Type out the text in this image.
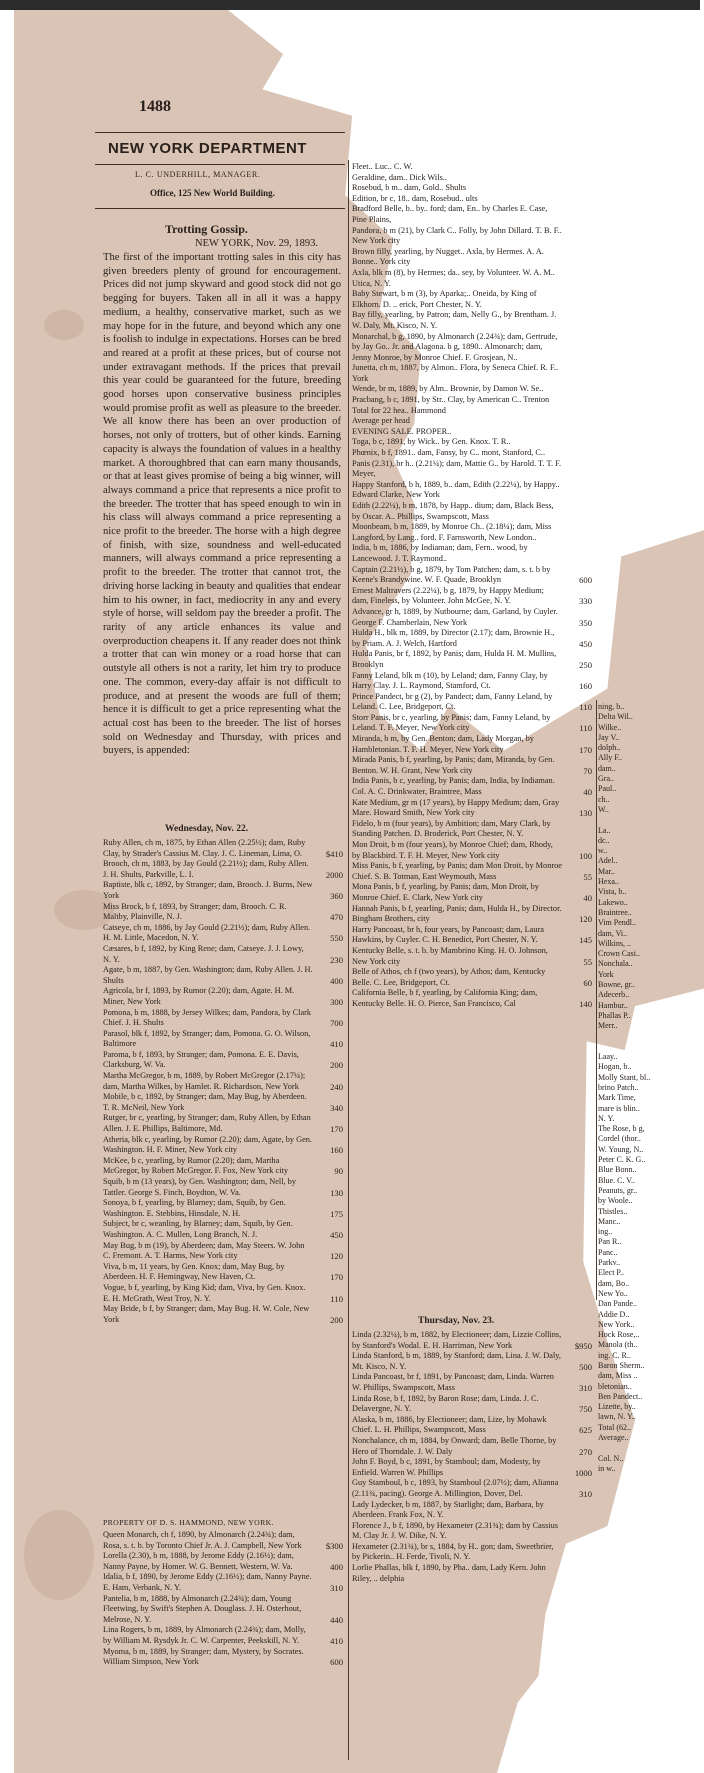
1488
NEW YORK DEPARTMENT
L. C. UNDERHILL, MANAGER.
Office, 125 New World Building.
Trotting Gossip.
NEW YORK, Nov. 29, 1893.

The first of the important trotting sales in this city has given breeders plenty of ground for encouragement. Prices did not jump skyward and good stock did not go begging for buyers. Taken all in all it was a happy medium, a healthy, conservative market, such as we may hope for in the future, and beyond which any one is foolish to indulge in expectations. Horses can be bred and reared at a profit at these prices, but of course not under extravagant methods. If the prices that prevail this year could be guaranteed for the future, breeding good horses upon conservative business principles would promise profit as well as pleasure to the breeder. We all know there has been an over production of horses, not only of trotters, but of other kinds. Earning capacity is always the foundation of values in a healthy market. A thoroughbred that can earn many thousands, or that at least gives promise of being a big winner, will always command a price that represents a nice profit to the breeder. The trotter that has speed enough to win in his class will always command a price representing a nice profit to the breeder. The horse with a high degree of finish, with size, soundness and well-educated manners, will always command a price representing a profit to the breeder. The trotter that cannot trot, the driving horse lacking in beauty and qualities that endear him to his owner, in fact, mediocrity in any and every style of horse, will seldom pay the breeder a profit. The rarity of any article enhances its value and overproduction cheapens it. If any reader does not think a trotter that can win money or a road horse that can outstyle all others is not a rarity, let him try to produce one. The common, every-day affair is not difficult to produce, and at present the woods are full of them; hence it is difficult to get a price representing what the actual cost has been to the breeder. The list of horses sold on Wednesday and Thursday, with prices and buyers, is appended:

Wednesday, Nov. 22.
Ruby Allen, ch m, 1875, by Ethan Allen (2.25½); dam, Ruby Clay, by Strader's Cassius M. Clay. J. C. Lineman, Lima, O.	$410
Brooch, ch m, 1883, by Jay Gould (2.21½); dam, Ruby Allen. J. H. Shults, Parkville, L. I.	2000
Baptiste, blk c, 1892, by Stranger; dam, Brooch. J. Burns, New York	360
Miss Brock, b f, 1893, by Stranger; dam, Brooch. C. R. Maltby, Plainville, N. J.	470
Catseye, ch m, 1886, by Jay Gould (2.21½); dam, Ruby Allen. H. M. Little, Macedon, N. Y.	550
Cæsares, b f, 1892, by King Rene; dam, Catseye. J. J. Lowy, N. Y.	230
Agate, b m, 1887, by Gen. Washington; dam, Ruby Allen. J. H. Shults	400
Agricola, br f, 1893, by Rumor (2.20); dam, Agate. H. M. Miner, New York	300
Pomona, b m, 1888, by Jersey Wilkes; dam, Pandora, by Clark Chief. J. H. Shults	700
Parasol, blk f, 1892, by Stranger; dam, Pomona. G. O. Wilson, Baltimore	410
Paroma, b f, 1893, by Stranger; dam, Pomona. E. E. Davis, Clarksburg, W. Va.	200
Martha McGregor, b m, 1889, by Robert McGregor (2.17¼); dam, Martha Wilkes, by Hamlet. R. Richardson, New York	240
Mobile, b c, 1892, by Stranger; dam, May Bug, by Aberdeen. T. R. McNeil, New York	340
Rutger, br c, yearling, by Stranger; dam, Ruby Allen, by Ethan Allen. J. E. Phillips, Baltimore, Md.	170
Atheria, blk c, yearling, by Rumor (2.20); dam, Agate, by Gen. Washington. H. F. Miner, New York city	160
McKee, b c, yearling, by Rumor (2.20); dam, Martha McGregor, by Robert McGregor. F. Fox, New York city	90
Squib, b m (13 years), by Gen. Washington; dam, Nell, by Tattler. George S. Finch, Boydton, W. Va.	130
Sonoya, b f, yearling, by Blarney; dam, Squib, by Gen. Washington. E. Stebbins, Hinsdale, N. H.	175
Subject, br c, weanling, by Blarney; dam, Squib, by Gen. Washington. A. C. Mullen, Long Branch, N. J.	450
May Bug, b m (19), by Aberdeen; dam, May Steers. W. John C. Fremont. A. T. Harms, New York city	120
Viva, b m, 11 years, by Gen. Knox; dam, May Bug, by Aberdeen. H. F. Hemingway, New Haven, Ct.	170
Vogue, b f, yearling, by King Kid; dam, Viva, by Gen. Knox. E. H. McGrath, West Troy, N. Y.	110
May Bride, b f, by Stranger; dam, May Bug. H. W. Cole, New York	200
PROPERTY OF D. S. HAMMOND, NEW YORK.
Queen Monarch, ch f, 1890, by Almonarch (2.24¾); dam, Rosa, s. t. b. by Toronto Chief Jr. A. J. Campbell, New York	$300
Lorella (2.30), b m, 1888, by Jerome Eddy (2.16½); dam, Nanny Payne, by Homer. W. G. Bennett, Western, W. Va.	400
Idalia, b f, 1890, by Jerome Eddy (2.16½); dam, Nanny Payne. E. Ham, Verbank, N. Y.	310
Pantelia, b m, 1888, by Almonarch (2.24¾); dam, Young Fleetwing, by Swift's Stephen A. Douglass. J. H. Osterhout, Melrose, N. Y.	440
Lina Rogers, b m, 1889, by Almonarch (2.24¾); dam, Molly, by William M. Rysdyk Jr. C. W. Carpenter, Peekskill, N. Y.	410
Myoma, b m, 1889, by Stranger; dam, Mystery, by Socrates. William Simpson, New York	600
Fleet.. Luc.. C. W.
Geraldine, dam.. Dick Wils..
Rosebud, b m.. dam, Gold.. Shults
Edition, br c, 18.. dam, Rosebud.. ults
Bradford Belle, b.. by.. ford; dam, En.. by Charles E. Case, Pine Plains,
Pandora, b m (21), by Clark C.. Folly, by John Dillard. T. B. F.. New York city
Brown filly, yearling, by Nugget.. Axla, by Hermes. A. A. Bonne.. York city
Axla, blk m (8), by Hermes; da.. sey, by Volunteer. W. A. M.. Utica, N. Y.
Baby Stewart, b m (3), by Aparka;.. Oneida, by King of Elkhorn. D. .. erick, Port Chester, N. Y.
Bay filly, yearling, by Patron; dam, Nelly G., by Brentham. J. W. Daly, Mt. Kisco, N. Y.
Monarchal, b g, 1890, by Almonarch (2.24¾); dam, Gertrude, by Jay Go.. Jr. and Alagona. b g, 1890.. Almonarch; dam, Jenny Monroe, by Monroe Chief. F. Grosjean, N..
Junetta, ch m, 1887, by Almon.. Flora, by Seneca Chief. R. F.. York
Wende, br m, 1889, by Alm.. Brownie, by Damon W. Se..
Pracbang, b c, 1891, by Str.. Clay, by American C.. Trenton
Total for 22 hea.. Hammond
Average per head
EVENING SALE. PROPER..
Toga, b c, 1891, by Wick.. by Gen. Knox. T. R..
Phœnix, b f, 1891.. dam, Fansy, by C.. mont, Stanford, C..
Panis (2.31), br h.. (2.21¼); dam, Mattie G.. by Harold. T. T. F. Meyer,
Happy Stanford, b h, 1889, b.. dam, Edith (2.22¼), by Happy.. Edward Clarke, New York
Edith (2.22¼), b m, 1878, by Happ.. dium; dam, Black Bess, by Oscar. A.. Phillips, Swampscott, Mass
Moonbeam, b m, 1889, by Monroe Ch.. (2.18¼); dam, Miss Langford, by Lang.. ford. F. Farnsworth, New London..
India, b m, 1886, by Indiaman; dam, Fern.. wood, by Lancewood. J. T. Raymond..
Captain (2.21½), b g, 1879, by Tom Patchen; dam, s. t. b by Keene's Brandywine. W. F. Quade, Brooklyn	600
Ernest Maltravers (2.22¼), b g, 1879, by Happy Medium; dam, Fineless, by Volunteer. John McGee, N. Y.	330
Advance, gr h, 1889, by Nutbourne; dam, Garland, by Cuyler. George F. Chamberlain, New York	350
Hulda H., blk m, 1889, by Director (2.17); dam, Brownie H., by Priam. A. J. Welch, Hartford	450
Hulda Panis, br f, 1892, by Panis; dam, Hulda H. M. Mullins, Brooklyn	250
Fanny Leland, blk m (10), by Leland; dam, Fanny Clay, by Harry Clay. J. L. Raymond, Stamford, Ct.	160
Prince Pandect, br g (2), by Pandect; dam, Fanny Leland, by Leland. C. Lee, Bridgeport, Ct.	110
Storr Panis, br c, yearling, by Panis; dam, Fanny Leland, by Leland. T. F. Meyer, New York city	110
Miranda, b m, by Gen. Benton; dam, Lady Morgan, by Hambletonian. T. F. H. Meyer, New York city	170
Mirada Panis, b f, yearling, by Panis; dam, Miranda, by Gen. Benton. W. H. Grant, New York city	70
India Panis, b c, yearling, by Panis; dam, India, by Indiaman. Col. A. C. Drinkwater, Braintree, Mass	40
Kate Medium, gr m (17 years), by Happy Medium; dam, Gray Mare. Howard Smith, New York city	130
Fidelo, b m (four years), by Ambition; dam, Mary Clark, by Standing Patchen. D. Broderick, Port Chester, N. Y.
Mon Droit, b m (four years), by Monroe Chief; dam, Rhody, by Blackbird. T. F. H. Meyer, New York city	100
Miss Panis, b f, yearling, by Panis; dam Mon Droit, by Monroe Chief. S. B. Totman, East Weymouth, Mass	55
Mona Panis, b f, yearling, by Panis; dam, Mon Droit, by Monroe Chief. E. Clark, New York city	40
Hannah Panis, b f, yearling, Panis; dam, Hulda H., by Director. Bingham Brothers, city	120
Harry Pancoast, br h, four years, by Pancoast; dam, Laura Hawkins, by Cuyler. C. H. Benedict, Port Chester, N. Y.	145
Kentucky Belle, s. t. b. by Mambrino King. H. O. Johnson, New York city	55
Belle of Athos, ch f (two years), by Athos; dam, Kentucky Belle. C. Lee, Bridgeport, Ct.	60
California Belle, b f, yearling, by California King; dam, Kentucky Belle. H. O. Pierce, San Francisco, Cal	140
Thursday, Nov. 23.
Linda (2.32¼), b m, 1882, by Electioneer; dam, Lizzie Collins, by Stanford's Wodal. E. H. Harriman, New York	$950
Linda Stanford, b m, 1889, by Stanford; dam, Lina. J. W. Daly, Mt. Kisco, N. Y.	500
Linda Pancoast, br f, 1891, by Pancoast; dam, Linda. Warren W. Phillips, Swampscott, Mass	310
Linda Rose, b f, 1892, by Baron Rose; dam, Linda. J. C. Delavergne, N. Y.	750
Alaska, b m, 1886, by Electioneer; dam, Lize, by Mohawk Chief. L. H. Phillips, Swampscott, Mass	625
Nonchalance, ch m, 1884, by Onward; dam, Belle Thorne, by Hero of Thorndale. J. W. Daly	270
John F. Boyd, b c, 1891, by Stamboul; dam, Modesty, by Enfield. Warren W. Phillips	1000
Guy Stamboul, b c, 1893, by Stamboul (2.07½); dam, Alianna (2.11¾, pacing). George A. Millington, Dover, Del.	310
Lady Lydecker, b m, 1887, by Starlight; dam, Barbara, by Aberdeen. Frank Fox, N. Y.
Florence J., b f, 1890, by Hexameter (2.31¾); dam by Cassius M. Clay Jr. J. W. Dike, N. Y.
Hexameter (2.31¾), br s, 1884, by H.. gon; dam, Sweetbrier, by Pickerin.. H. Ferde, Tivoli, N. Y.
Lorlie Phallas, blk f, 1890, by Pha.. dam, Lady Kern. John Riley, .. delphia
ning, b..
Delta Wil..
Wilke..
Jay V..
dolph..
Ally F..
dam..
Gra..
Paul..
ch..
W..

La..
dc..
w..
Adel..
Mar..
Hexa..
Vista, b..
Lakewo..
Braintree..
Vim Pendl..
dam, Vi..
Wilkins, ..
Crown Casi..
Nonchala..
York
Bowne, gr..
Adecerb..
Hambur..
Phallas P..
Merr..

Laay..
Hogan, b..
Molly Stant, bl..
brino Patch..
Mark Time,
mare is blin..
N. Y.
The Rose, b g,
Cordel (thor..
W. Young, N..
Peter C. K. G..
Blue Bonn..
Blue. C. V..
Peanuts, gr..
by Woole..
Thistles..
Manc..
ing..
Pan R..
Panc..
Parkv..
Elect P..
dam, Bo..
New Yo..
Dan Pande..
Addie D..
New York..
Hock Rose,..
Manola (th..
ing. C. R..
Baron Sherm..
dam, Miss ..
bletonian..
Ben Pandect..
Lizette, by..
lawn, N. Y..
Total (62..
Average..

Col. N..
in w..
